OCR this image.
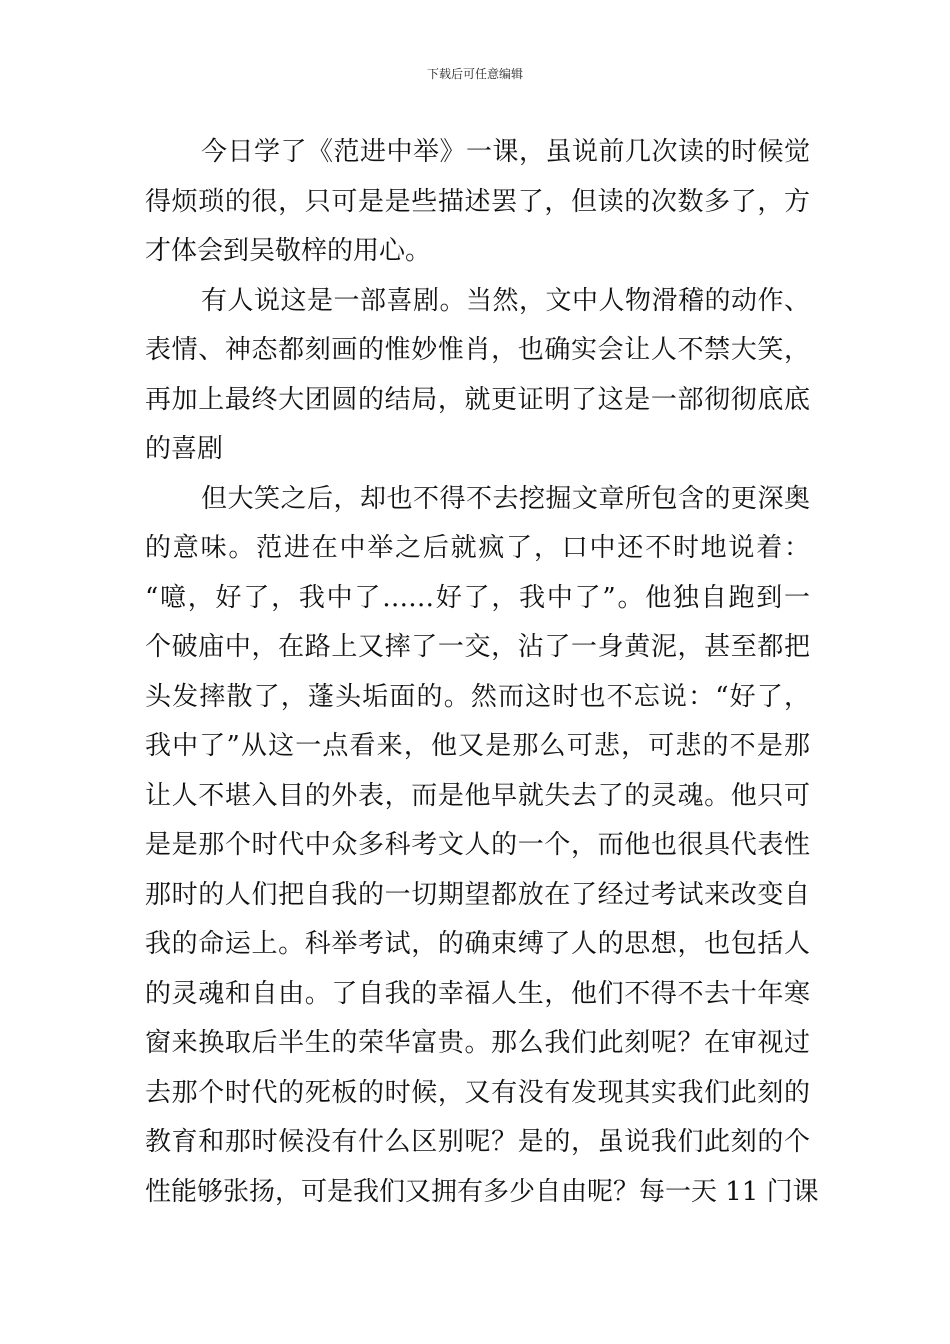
下载后可任意编辑
今日学了《范进中举》一课，虽说前几次读的时候觉
得烦琐的很，只可是是些描述罢了，但读的次数多了，方
才体会到吴敬梓的用心。
有人说这是一部喜剧。当然，文中人物滑稽的动作、
表情、神态都刻画的惟妙惟肖，也确实会让人不禁大笑，
再加上最终大团圆的结局，就更证明了这是一部彻彻底底
的喜剧
但大笑之后，却也不得不去挖掘文章所包含的更深奥
的意味。范进在中举之后就疯了，口中还不时地说着：
“噫，好了，我中了……好了，我中了”。他独自跑到一
个破庙中，在路上又摔了一交，沾了一身黄泥，甚至都把
头发摔散了，蓬头垢面的。然而这时也不忘说：“好了，
我中了”从这一点看来，他又是那么可悲，可悲的不是那
让人不堪入目的外表，而是他早就失去了的灵魂。他只可
是是那个时代中众多科考文人的一个，而他也很具代表性
那时的人们把自我的一切期望都放在了经过考试来改变自
我的命运上。科举考试，的确束缚了人的思想，也包括人
的灵魂和自由。了自我的幸福人生，他们不得不去十年寒
窗来换取后半生的荣华富贵。那么我们此刻呢？在审视过
去那个时代的死板的时候，又有没有发现其实我们此刻的
教育和那时候没有什么区别呢？是的，虽说我们此刻的个
性能够张扬，可是我们又拥有多少自由呢？每一天 11 门课
